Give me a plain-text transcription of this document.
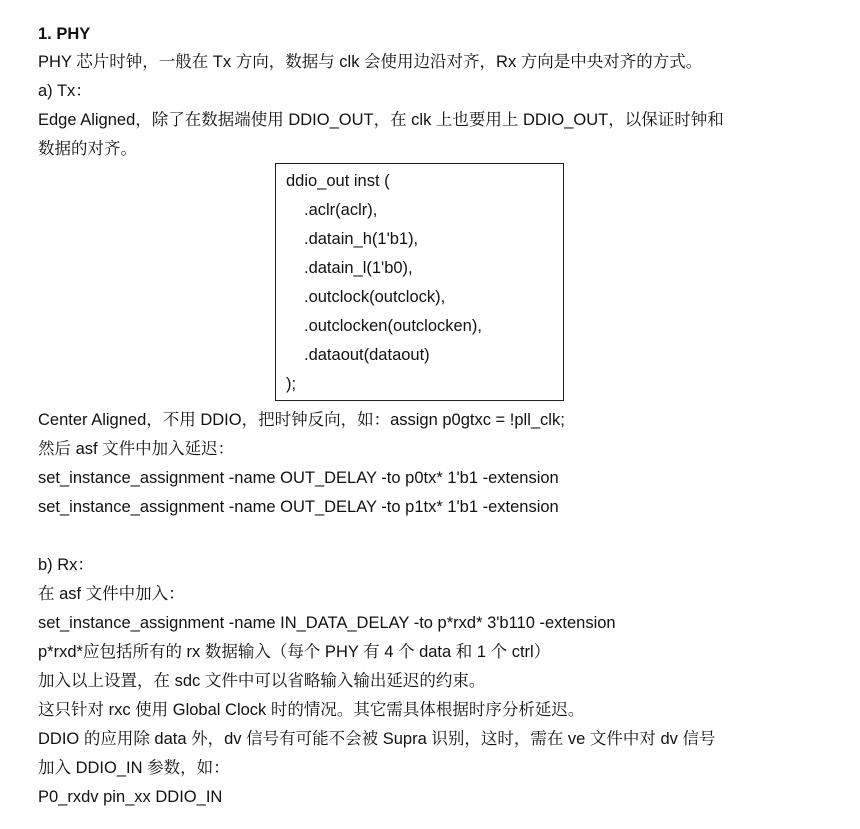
1. PHY
PHY 芯片时钟，一般在 Tx 方向，数据与 clk 会使用边沿对齐，Rx 方向是中央对齐的方式。
a) Tx：
Edge Aligned，除了在数据端使用 DDIO_OUT，在 clk 上也要用上 DDIO_OUT，以保证时钟和
数据的对齐。
ddio_out inst (
.aclr(aclr),
.datain_h(1'b1),
.datain_l(1'b0),
.outclock(outclock),
.outclocken(outclocken),
.dataout(dataout)
);
Center Aligned，不用 DDIO，把时钟反向，如：assign p0gtxc = !pll_clk;
然后 asf 文件中加入延迟：
set_instance_assignment -name OUT_DELAY -to p0tx* 1'b1 -extension
set_instance_assignment -name OUT_DELAY -to p1tx* 1'b1 -extension
b) Rx：
在 asf 文件中加入：
set_instance_assignment -name IN_DATA_DELAY -to p*rxd* 3'b110 -extension
p*rxd*应包括所有的 rx 数据输入（每个 PHY 有 4 个 data 和 1 个 ctrl）
加入以上设置，在 sdc 文件中可以省略输入输出延迟的约束。
这只针对 rxc 使用 Global Clock 时的情况。其它需具体根据时序分析延迟。
DDIO 的应用除 data 外，dv 信号有可能不会被 Supra 识别，这时，需在 ve 文件中对 dv 信号
加入 DDIO_IN 参数，如：
P0_rxdv pin_xx DDIO_IN
